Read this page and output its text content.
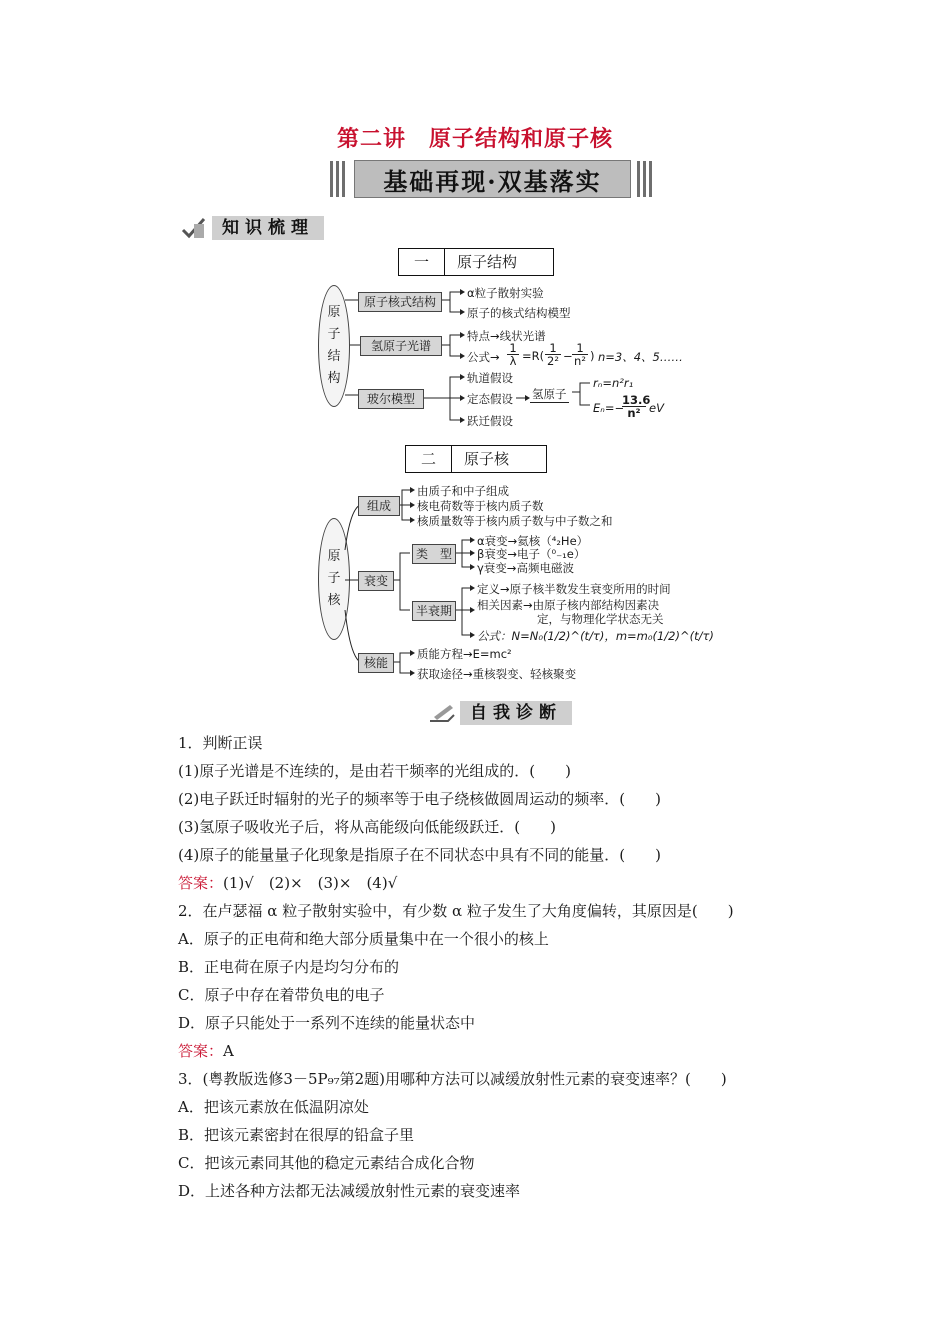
第二讲　原子结构和原子核
基础再现·双基落实
知识梳理
一	原子结构
原
子
结
构
原子核式结构
α粒子散射实验
原子的核式结构模型
氢原子光谱
特点→线状光谱
公式→ $\frac{1}{\lambda} =R( \frac{1}{\text{2²}} - \frac{1}{\text{n²}}$ ) n=3、4、5……
玻尔模型
轨道假设
定态假设
跃迁假设
氢原子
rₙ=n²r₁
Eₙ=−
$\frac{13.6}{\text{n²}}$ eV
二	原子核
原
子
核
组成
由质子和中子组成
核电荷数等于核内质子数
核质量数等于核内质子数与中子数之和
衰变
类　型
α衰变→氦核（⁴₂He）
β衰变→电子（⁰₋₁e）
γ衰变→高频电磁波
半衰期
定义→原子核半数发生衰变所用的时间
相关因素→由原子核内部结构因素决
定，与物理化学状态无关
公式：N=N₀(1/2)^(t/τ)，m=m₀(1/2)^(t/τ)
核能
质能方程→E=mc²
获取途径→重核裂变、轻核聚变
自我诊断
1．判断正误
(1)原子光谱是不连续的，是由若干频率的光组成的．(　　)
(2)电子跃迁时辐射的光子的频率等于电子绕核做圆周运动的频率．(　　)
(3)氢原子吸收光子后，将从高能级向低能级跃迁．(　　)
(4)原子的能量量子化现象是指原子在不同状态中具有不同的能量．(　　)
答案：(1)√　(2)×　(3)×　(4)√
2．在卢瑟福 α 粒子散射实验中，有少数 α 粒子发生了大角度偏转，其原因是(　　)
A．原子的正电荷和绝大部分质量集中在一个很小的核上
B．正电荷在原子内是均匀分布的
C．原子中存在着带负电的电子
D．原子只能处于一系列不连续的能量状态中
答案：A
3．(粤教版选修3－5P₉₇第2题)用哪种方法可以减缓放射性元素的衰变速率？(　　)
A．把该元素放在低温阴凉处
B．把该元素密封在很厚的铅盒子里
C．把该元素同其他的稳定元素结合成化合物
D．上述各种方法都无法减缓放射性元素的衰变速率
